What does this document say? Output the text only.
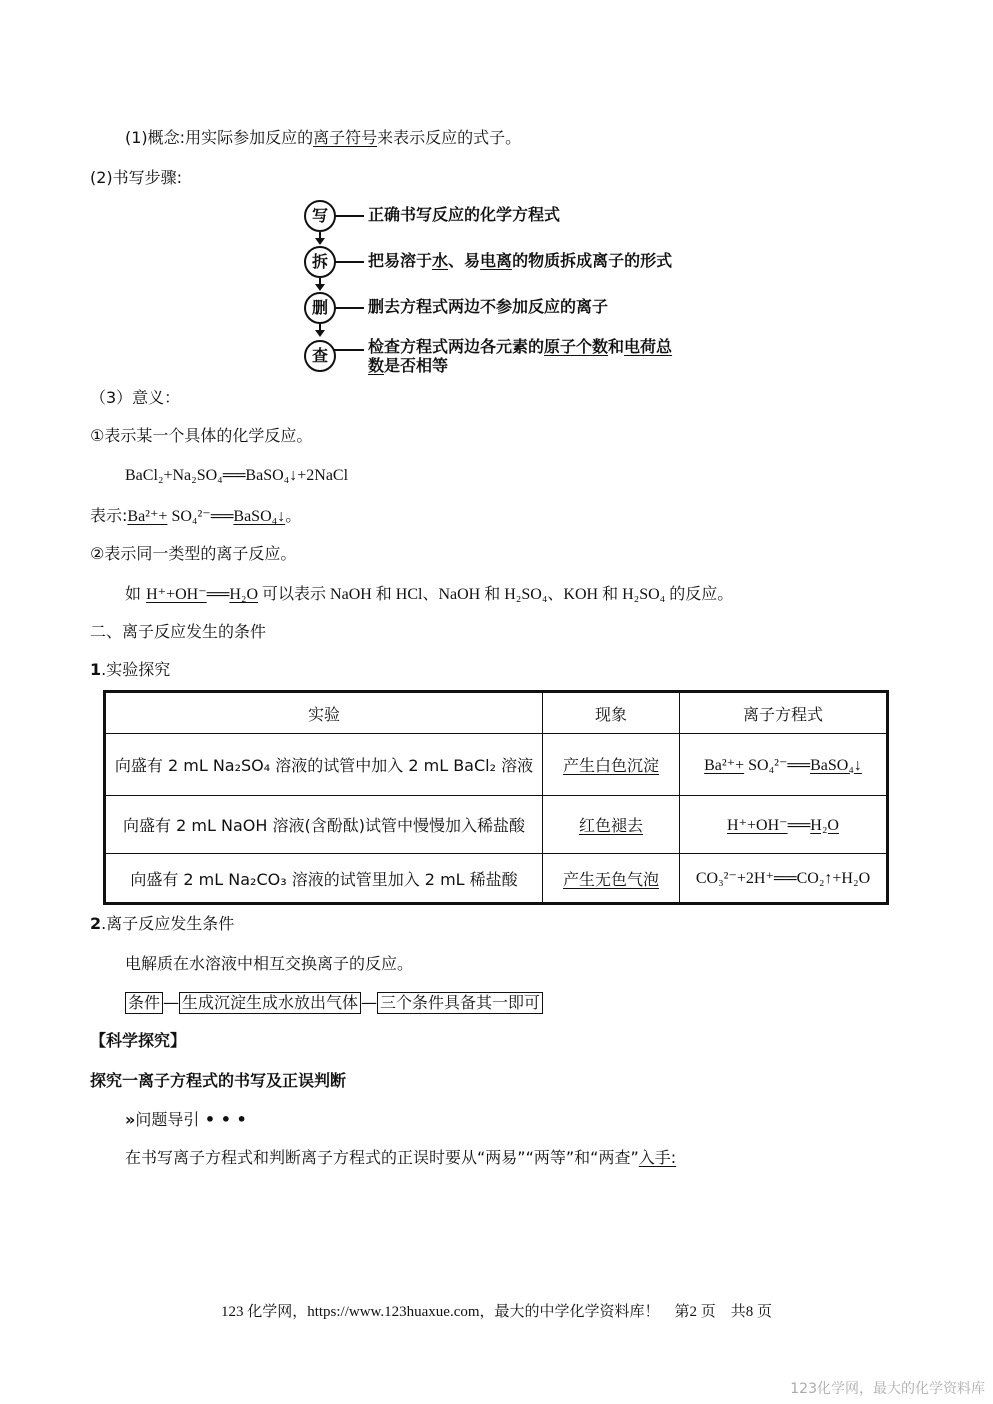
(1)概念:用实际参加反应的离子符号来表示反应的式子。
(2)书写步骤:
写
拆
删
查
正确书写反应的化学方程式
把易溶于水、易电离的物质拆成离子的形式
删去方程式两边不参加反应的离子
检查方程式两边各元素的原子个数和电荷总
数是否相等
（3）意义：
①表示某一个具体的化学反应。
BaCl₂+Na₂SO₄══BaSO₄↓+2NaCl
表示:Ba²⁺+ SO₄²⁻══BaSO₄↓。
②表示同一类型的离子反应。
如 H⁺+OH⁻══H₂O 可以表示 NaOH 和 HCl、NaOH 和 H₂SO₄、KOH 和 H₂SO₄ 的反应。
二、离子反应发生的条件
1.实验探究
实验	现象	离子方程式
向盛有 2 mL Na₂SO₄ 溶液的试管中加入 2 mL BaCl₂ 溶液	产生白色沉淀	Ba²⁺+ SO₄²⁻══BaSO₄↓
向盛有 2 mL NaOH 溶液(含酚酞)试管中慢慢加入稀盐酸	红色褪去	H⁺+OH⁻══H₂O
向盛有 2 mL Na₂CO₃ 溶液的试管里加入 2 mL 稀盐酸	产生无色气泡	CO₃²⁻+2H⁺══CO₂↑+H₂O
2.离子反应发生条件
电解质在水溶液中相互交换离子的反应。
条件 — 生成沉淀生成水放出气体 — 三个条件具备其一即可
【科学探究】
探究一离子方程式的书写及正误判断
»问题导引 • • •
在书写离子方程式和判断离子方程式的正误时要从“两易”“两等”和“两查”入手:
123 化学网，https://www.123huaxue.com，最大的中学化学资料库！　第2 页　共8 页
123化学网，最大的化学资料库
